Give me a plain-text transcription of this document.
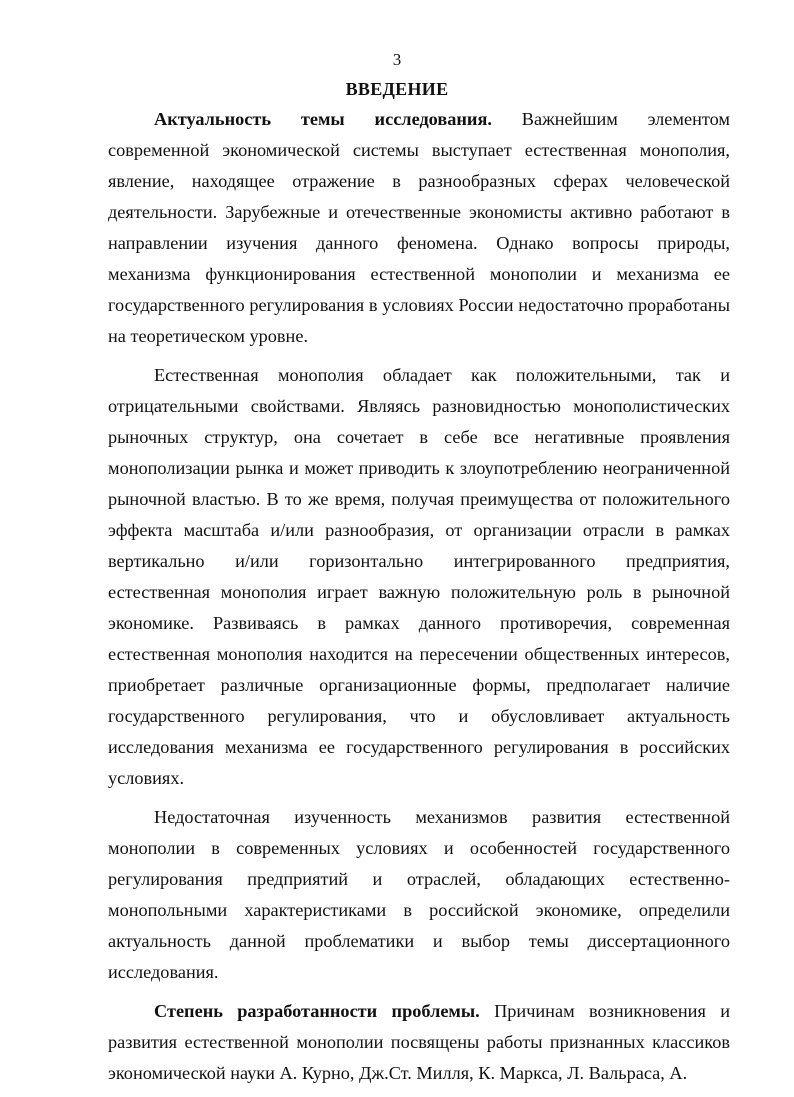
3
ВВЕДЕНИЕ

Актуальность темы исследования. Важнейшим элементом современной экономической системы выступает естественная монополия, явление, находящее отражение в разнообразных сферах человеческой деятельности. Зарубежные и отечественные экономисты активно работают в направлении изучения данного феномена. Однако вопросы природы, механизма функционирования естественной монополии и механизма ее государственного регулирования в условиях России недостаточно проработаны на теоретическом уровне.

Естественная монополия обладает как положительными, так и отрицательными свойствами. Являясь разновидностью монополистических рыночных структур, она сочетает в себе все негативные проявления монополизации рынка и может приводить к злоупотреблению неограниченной рыночной властью. В то же время, получая преимущества от положительного эффекта масштаба и/или разнообразия, от организации отрасли в рамках вертикально и/или горизонтально интегрированного предприятия, естественная монополия играет важную положительную роль в рыночной экономике. Развиваясь в рамках данного противоречия, современная естественная монополия находится на пересечении общественных интересов, приобретает различные организационные формы, предполагает наличие государственного регулирования, что и обусловливает актуальность исследования механизма ее государственного регулирования в российских условиях.

Недостаточная изученность механизмов развития естественной монополии в современных условиях и особенностей государственного регулирования предприятий и отраслей, обладающих естественно-монопольными характеристиками в российской экономике, определили актуальность данной проблематики и выбор темы диссертационного исследования.

Степень разработанности проблемы. Причинам возникновения и развития естественной монополии посвящены работы признанных классиков экономической науки А. Курно, Дж.Ст. Милля, К. Маркса, Л. Вальраса, А.
